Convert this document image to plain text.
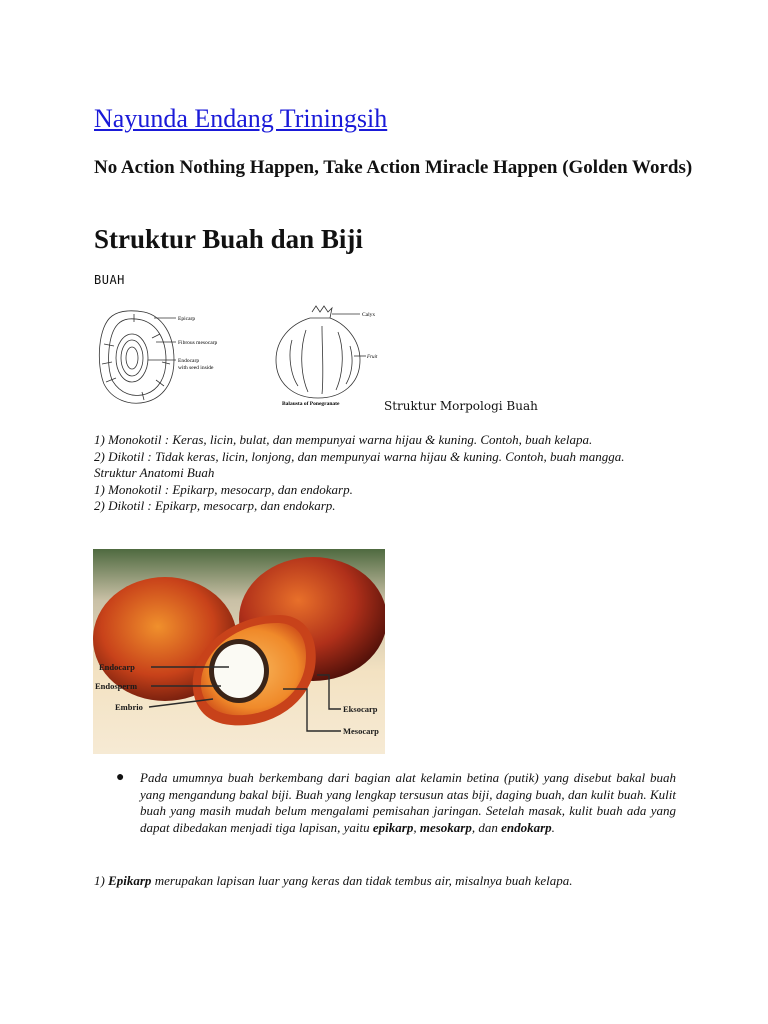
Nayunda Endang Triningsih
No Action Nothing Happen, Take Action Miracle Happen (Golden Words)
Struktur Buah dan Biji
BUAH
Epicarp
Fibrous mesocarp
Endocarp
with seed inside
Calyx
Fruit
Balausta of Ponegranate	Struktur Morpologi Buah

1) Monokotil : Keras, licin, bulat, dan mempunyai warna hijau & kuning. Contoh, buah kelapa.

2) Dikotil : Tidak keras, licin, lonjong, dan mempunyai warna hijau & kuning. Contoh, buah mangga.

Struktur Anatomi Buah

1) Monokotil : Epikarp, mesocarp, dan endokarp.

2) Dikotil : Epikarp, mesocarp, dan endokarp.

Endocarp
Endosperm
Embrio	Eksocarp
Mesocarp
● Pada umumnya buah berkembang dari bagian alat kelamin betina (putik) yang disebut bakal buah yang mengandung bakal biji. Buah yang lengkap tersusun atas biji, daging buah, dan kulit buah. Kulit buah yang masih mudah belum mengalami pemisahan jaringan. Setelah masak, kulit buah ada yang dapat dibedakan menjadi tiga lapisan, yaitu epikarp, mesokarp, dan endokarp.
1) Epikarp merupakan lapisan luar yang keras dan tidak tembus air, misalnya buah kelapa.
